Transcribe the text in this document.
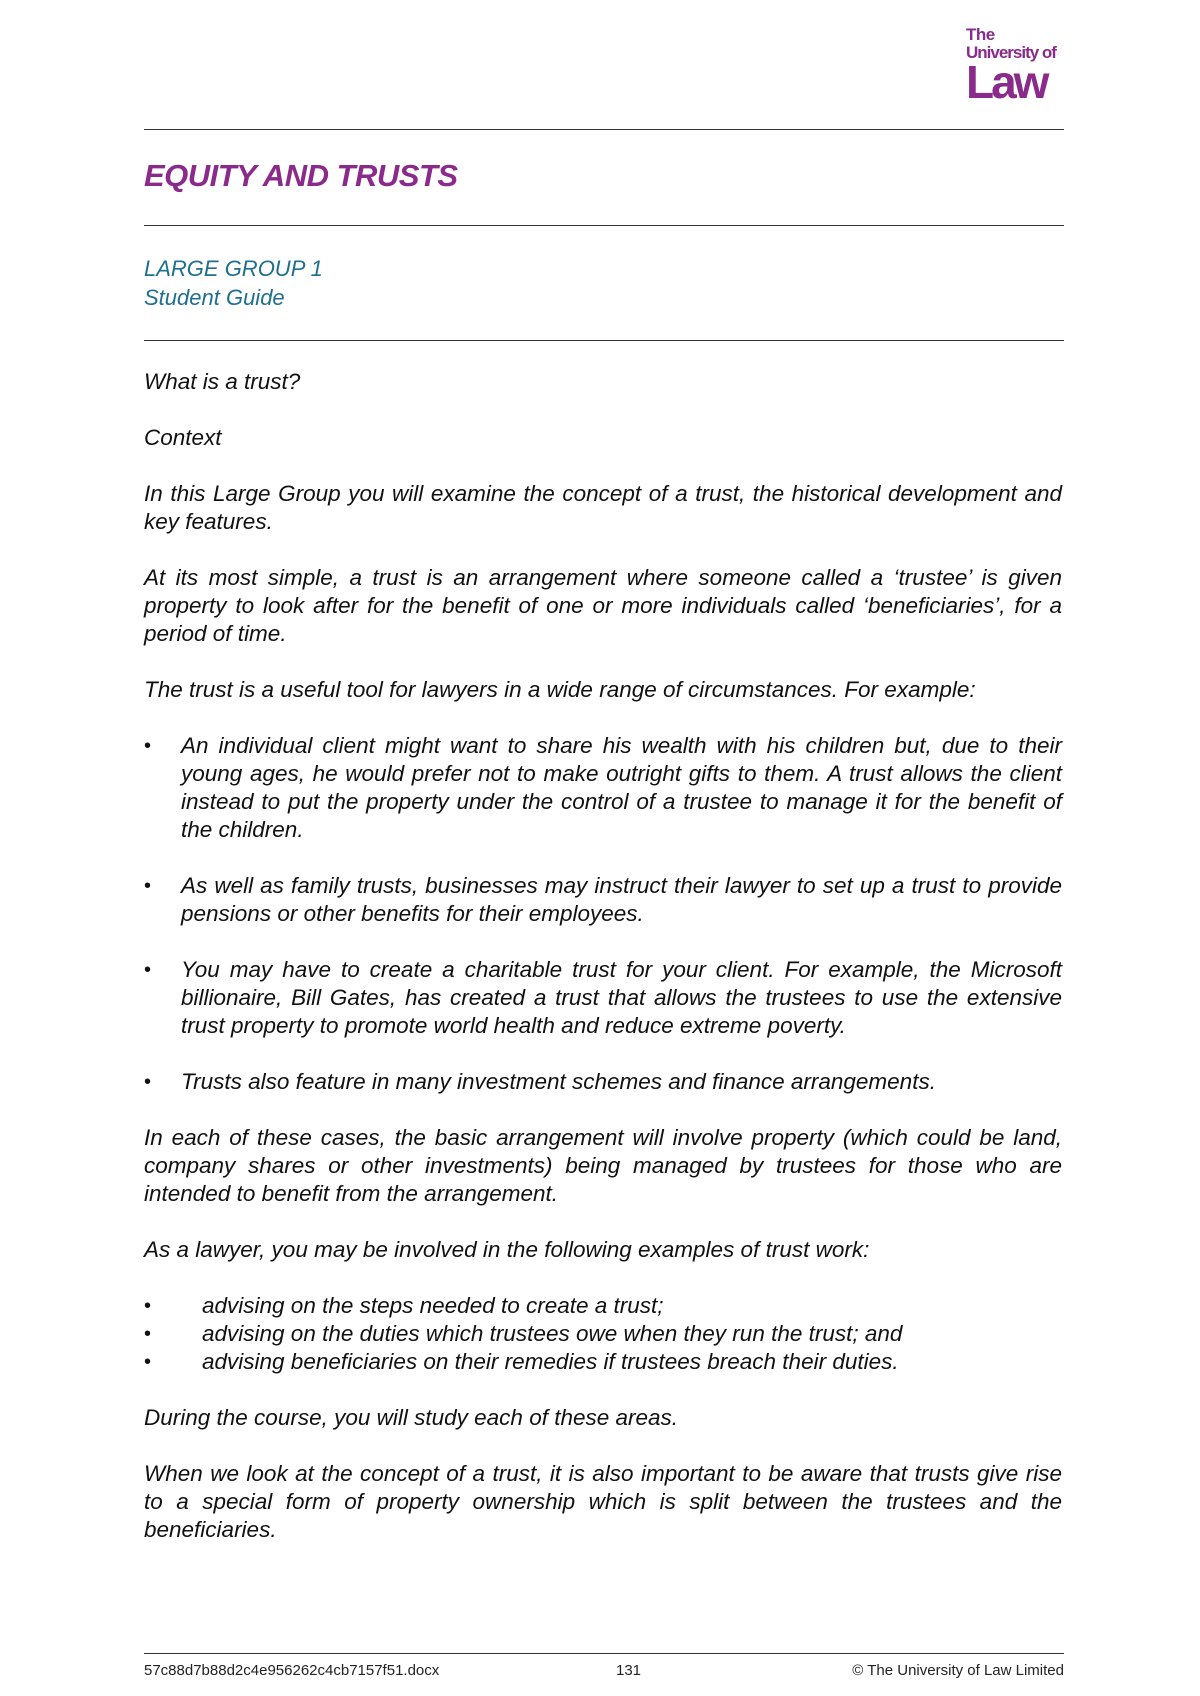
The
University of
Law
EQUITY AND TRUSTS
LARGE GROUP 1
Student Guide

What is a trust?

Context

In this Large Group you will examine the concept of a trust, the historical development and key features.

At its most simple, a trust is an arrangement where someone called a ‘trustee’ is given property to look after for the benefit of one or more individuals called ‘beneficiaries’, for a period of time.

The trust is a useful tool for lawyers in a wide range of circumstances. For example:

• An individual client might want to share his wealth with his children but, due to their young ages, he would prefer not to make outright gifts to them. A trust allows the client instead to put the property under the control of a trustee to manage it for the benefit of the children.
• As well as family trusts, businesses may instruct their lawyer to set up a trust to provide pensions or other benefits for their employees.
• You may have to create a charitable trust for your client. For example, the Microsoft billionaire, Bill Gates, has created a trust that allows the trustees to use the extensive trust property to promote world health and reduce extreme poverty.
• Trusts also feature in many investment schemes and finance arrangements.

In each of these cases, the basic arrangement will involve property (which could be land, company shares or other investments) being managed by trustees for those who are intended to benefit from the arrangement.

As a lawyer, you may be involved in the following examples of trust work:

• advising on the steps needed to create a trust;
• advising on the duties which trustees owe when they run the trust; and
• advising beneficiaries on their remedies if trustees breach their duties.

During the course, you will study each of these areas.

When we look at the concept of a trust, it is also important to be aware that trusts give rise to a special form of property ownership which is split between the trustees and the beneficiaries.

57c88d7b88d2c4e956262c4cb7157f51.docx	131	© The University of Law Limited
